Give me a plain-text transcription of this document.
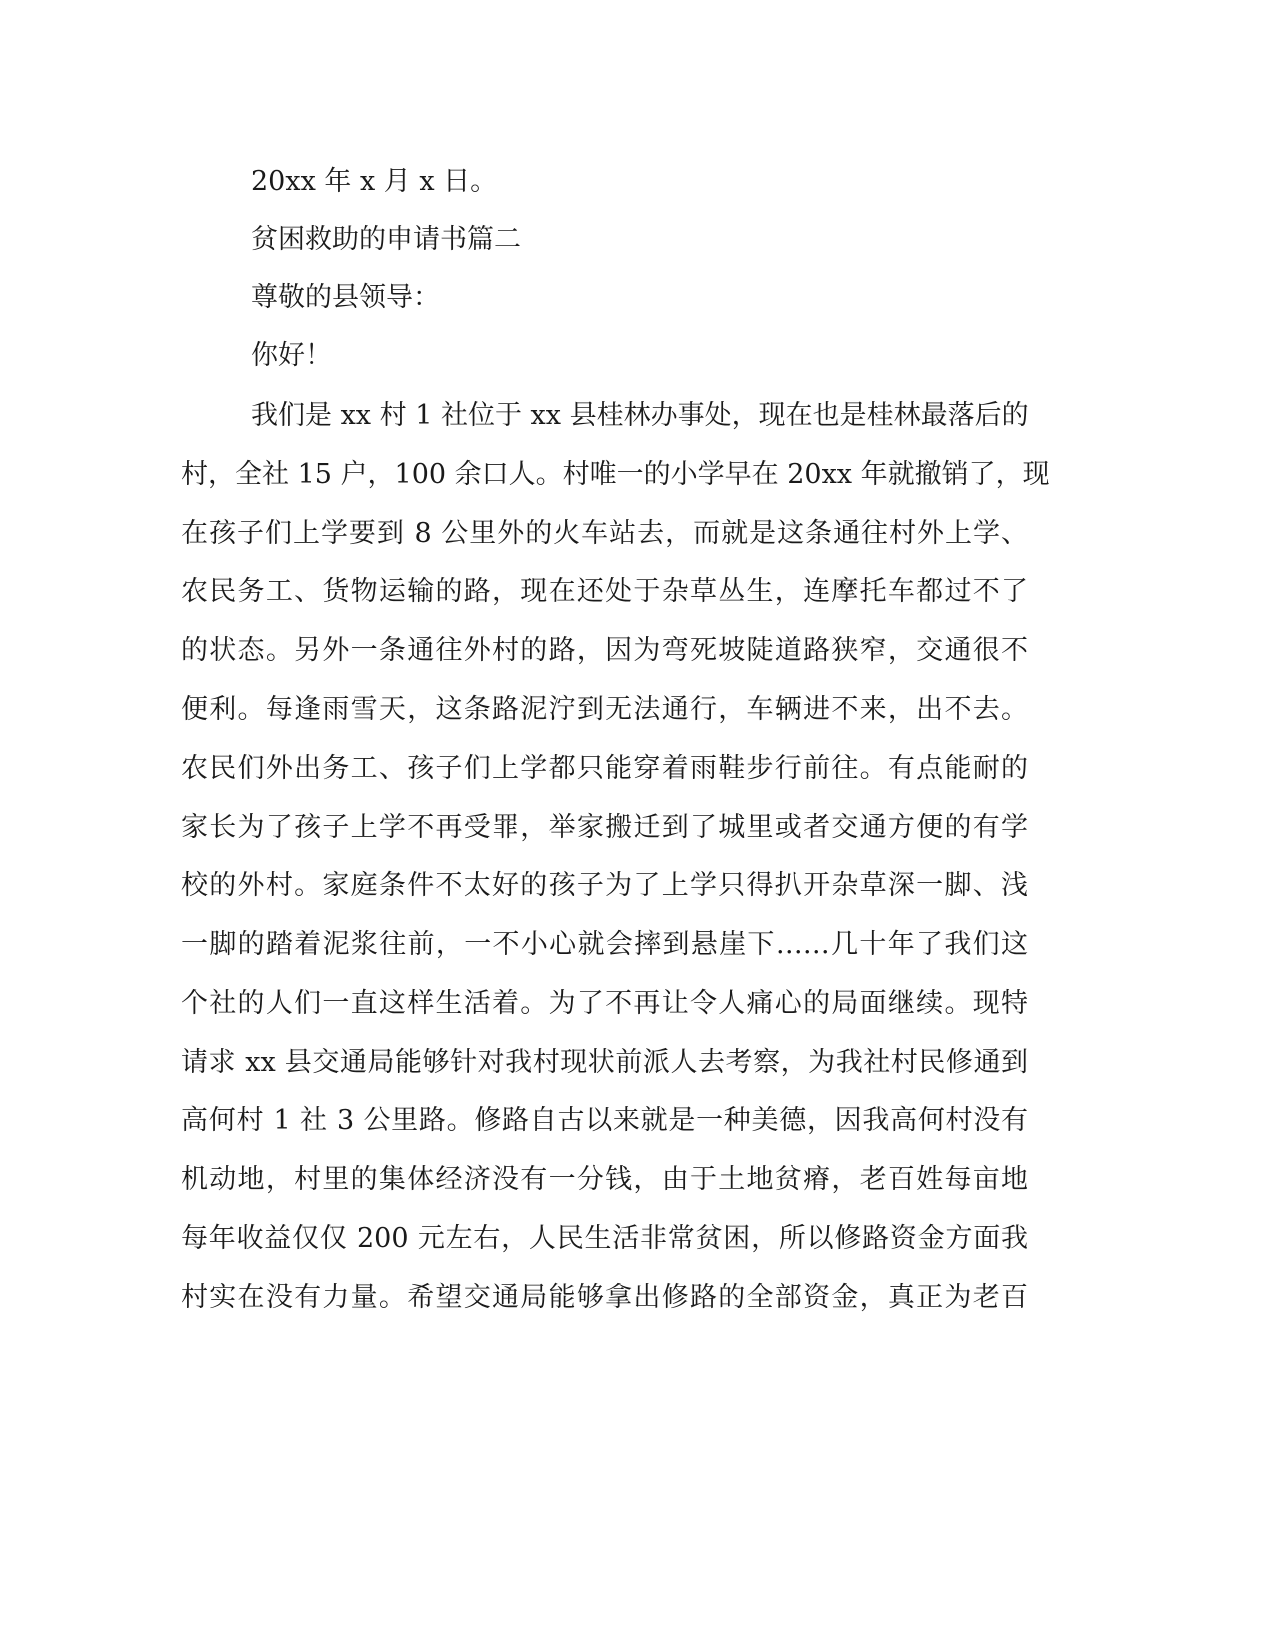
20xx 年 x 月 x 日。
贫困救助的申请书篇二
尊敬的县领导：
你好！
我们是 xx 村 1 社位于 xx 县桂林办事处，现在也是桂林最落后的
村，全社 15 户，100 余口人。村唯一的小学早在 20xx 年就撤销了，现
在孩子们上学要到 8 公里外的火车站去，而就是这条通往村外上学、
农民务工、货物运输的路，现在还处于杂草丛生，连摩托车都过不了
的状态。另外一条通往外村的路，因为弯死坡陡道路狭窄，交通很不
便利。每逢雨雪天，这条路泥泞到无法通行，车辆进不来，出不去。
农民们外出务工、孩子们上学都只能穿着雨鞋步行前往。有点能耐的
家长为了孩子上学不再受罪，举家搬迁到了城里或者交通方便的有学
校的外村。家庭条件不太好的孩子为了上学只得扒开杂草深一脚、浅
一脚的踏着泥浆往前，一不小心就会摔到悬崖下……几十年了我们这
个社的人们一直这样生活着。为了不再让令人痛心的局面继续。现特
请求 xx 县交通局能够针对我村现状前派人去考察，为我社村民修通到
高何村 1 社 3 公里路。修路自古以来就是一种美德，因我高何村没有
机动地，村里的集体经济没有一分钱，由于土地贫瘠，老百姓每亩地
每年收益仅仅 200 元左右，人民生活非常贫困，所以修路资金方面我
村实在没有力量。希望交通局能够拿出修路的全部资金，真正为老百
